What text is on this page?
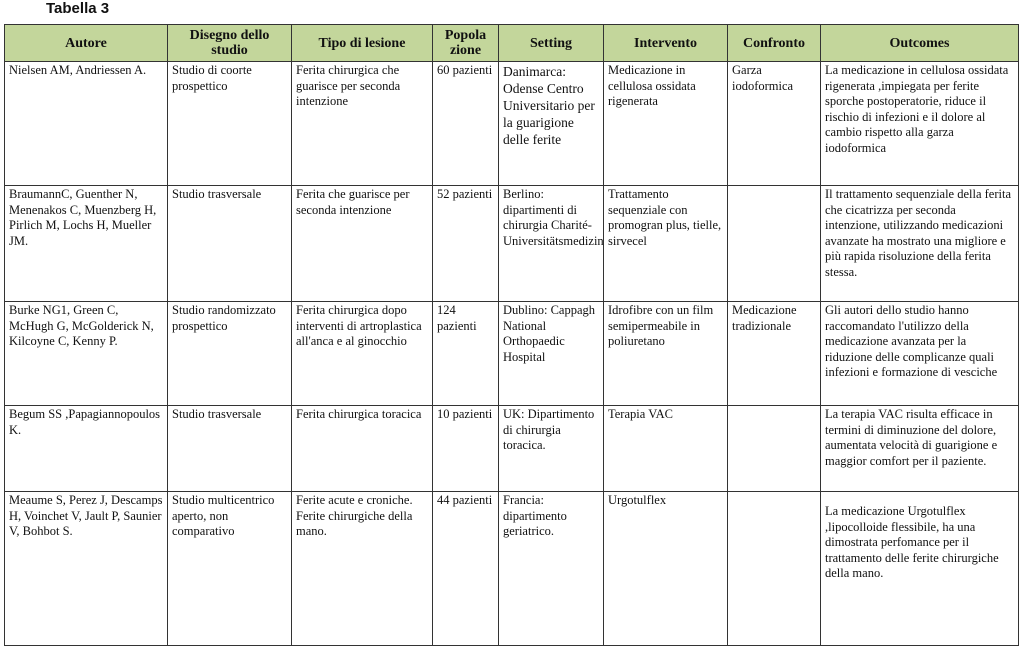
Tabella 3
Autore	Disegno dello studio	Tipo di lesione	Popola zione	Setting	Intervento	Confronto	Outcomes
Nielsen AM, Andriessen A.	Studio di coorte prospettico	Ferita chirurgica che guarisce per seconda intenzione	60 pazienti	Danimarca: Odense Centro Universitario per la guarigione delle ferite	Medicazione in cellulosa ossidata rigenerata	Garza iodoformica	La medicazione in cellulosa ossidata rigenerata ,impiegata per ferite sporche postoperatorie, riduce il rischio di infezioni e il dolore al cambio rispetto alla garza iodoformica
BraumannC, Guenther N, Menenakos C, Muenzberg H, Pirlich M, Lochs H, Mueller JM.	Studio trasversale	Ferita che guarisce per seconda intenzione	52 pazienti	Berlino: dipartimenti di chirurgia Charité-Universitätsmedizin	Trattamento sequenziale con promogran plus, tielle, sirvecel		Il trattamento sequenziale della ferita che cicatrizza per seconda intenzione, utilizzando medicazioni avanzate ha mostrato una migliore e più rapida risoluzione della ferita stessa.
Burke NG1, Green C, McHugh G, McGolderick N, Kilcoyne C, Kenny P.	Studio randomizzato prospettico	Ferita chirurgica dopo interventi di artroplastica all'anca e al ginocchio	124 pazienti	Dublino: Cappagh National Orthopaedic Hospital	Idrofibre con un film semipermeabile in poliuretano	Medicazione tradizionale	Gli autori dello studio hanno raccomandato l'utilizzo della medicazione avanzata per la riduzione delle complicanze quali infezioni e formazione di vesciche
Begum SS ,Papagiannopoulos K.	Studio trasversale	Ferita chirurgica toracica	10 pazienti	UK: Dipartimento di chirurgia toracica.	Terapia VAC		La terapia VAC risulta efficace in termini di diminuzione del dolore, aumentata velocità di guarigione e maggior comfort per il paziente.
Meaume S, Perez J, Descamps H, Voinchet V, Jault P, Saunier V, Bohbot S.	Studio multicentrico aperto, non comparativo	Ferite acute e croniche. Ferite chirurgiche della mano.	44 pazienti	Francia: dipartimento geriatrico.	Urgotulflex		La medicazione Urgotulflex ,lipocolloide flessibile, ha una dimostrata perfomance per il trattamento delle ferite chirurgiche della mano.
